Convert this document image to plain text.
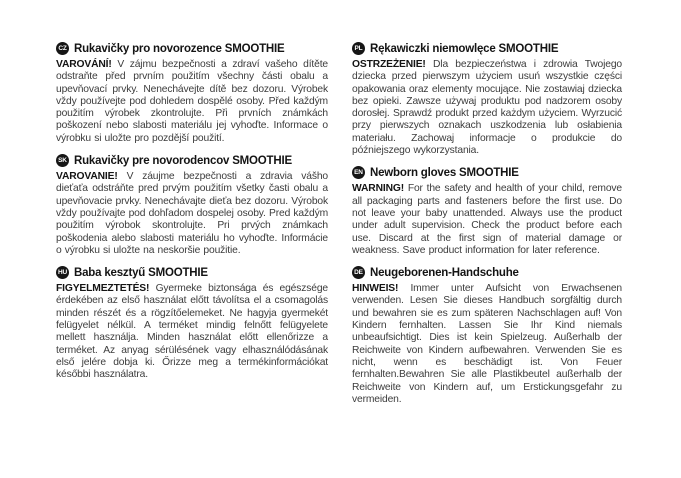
CZ Rukavičky pro novorozence SMOOTHIE

VAROVÁNÍ! V zájmu bezpečnosti a zdraví vašeho dítěte odstraňte před prvním použitím všechny části obalu a upevňovací prvky. Nenechávejte dítě bez dozoru. Výrobek vždy používejte pod dohledem dospělé osoby. Před každým použitím výrobek zkontrolujte. Při prvních známkách poškození nebo slabosti materiálu jej vyhoďte. Informace o výrobku si uložte pro pozdější použití.

SK Rukavičky pre novorodencov SMOOTHIE

VAROVANIE! V záujme bezpečnosti a zdravia vášho dieťaťa odstráňte pred prvým použitím všetky časti obalu a upevňovacie prvky. Nenechávajte dieťa bez dozoru. Výrobok vždy používajte pod dohľadom dospelej osoby. Pred každým použitím výrobok skontrolujte. Pri prvých známkach poškodenia alebo slabosti materiálu ho vyhoďte. Informácie o výrobku si uložte na neskoršie použitie.

HU Baba kesztyű SMOOTHIE

FIGYELMEZTETÉS! Gyermeke biztonsága és egészsége érdekében az első használat előtt távolítsa el a csomagolás minden részét és a rögzítőelemeket. Ne hagyja gyermekét felügyelet nélkül. A terméket mindig felnőtt felügyelete mellett használja. Minden használat előtt ellenőrizze a terméket. Az anyag sérülésének vagy elhasználódásának első jelére dobja ki. Őrizze meg a termékinformációkat későbbi használatra.

PL Rękawiczki niemowlęce SMOOTHIE

OSTRZEŻENIE! Dla bezpieczeństwa i zdrowia Twojego dziecka przed pierwszym użyciem usuń wszystkie części opakowania oraz elementy mocujące. Nie zostawiaj dziecka bez opieki. Zawsze używaj produktu pod nadzorem osoby dorosłej. Sprawdź produkt przed każdym użyciem. Wyrzucić przy pierwszych oznakach uszkodzenia lub osłabienia materiału. Zachowaj informacje o produkcie do późniejszego wykorzystania.

EN Newborn gloves SMOOTHIE

WARNING! For the safety and health of your child, remove all packaging parts and fasteners before the first use. Do not leave your baby unattended. Always use the product under adult supervision. Check the product before each use. Discard at the first sign of material damage or weakness. Save product information for later reference.

DE Neugeborenen-Handschuhe

HINWEIS! Immer unter Aufsicht von Erwachsenen verwenden. Lesen Sie dieses Handbuch sorgfältig durch und bewahren sie es zum späteren Nachschlagen auf! Von Kindern fernhalten. Lassen Sie Ihr Kind niemals unbeaufsichtigt. Dies ist kein Spielzeug. Außerhalb der Reichweite von Kindern aufbewahren. Verwenden Sie es nicht, wenn es beschädigt ist. Von Feuer fernhalten.Bewahren Sie alle Plastikbeutel außerhalb der Reichweite von Kindern auf, um Erstickungsgefahr zu vermeiden.
